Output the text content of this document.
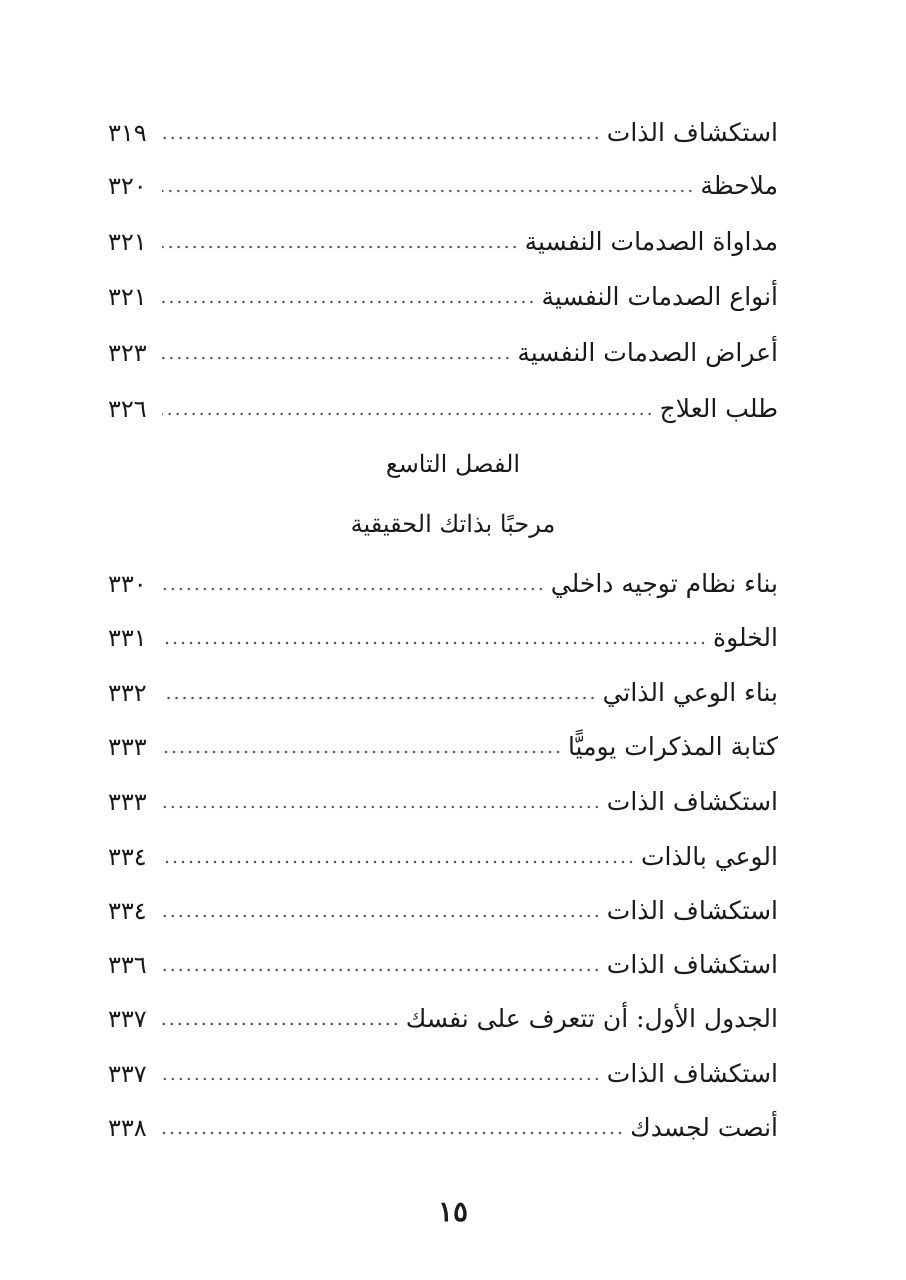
استكشاف الذات
٣١٩
ملاحظة
٣٢٠
مداواة الصدمات النفسية
٣٢١
أنواع الصدمات النفسية
٣٢١
أعراض الصدمات النفسية
٣٢٣
طلب العلاج
٣٢٦
الفصل التاسع
مرحبًا بذاتك الحقيقية
بناء نظام توجيه داخلي
٣٣٠
الخلوة
٣٣١
بناء الوعي الذاتي
٣٣٢
كتابة المذكرات يوميًّا
٣٣٣
استكشاف الذات
٣٣٣
الوعي بالذات
٣٣٤
استكشاف الذات
٣٣٤
استكشاف الذات
٣٣٦
الجدول الأول: أن تتعرف على نفسك
٣٣٧
استكشاف الذات
٣٣٧
أنصت لجسدك
٣٣٨
١٥
